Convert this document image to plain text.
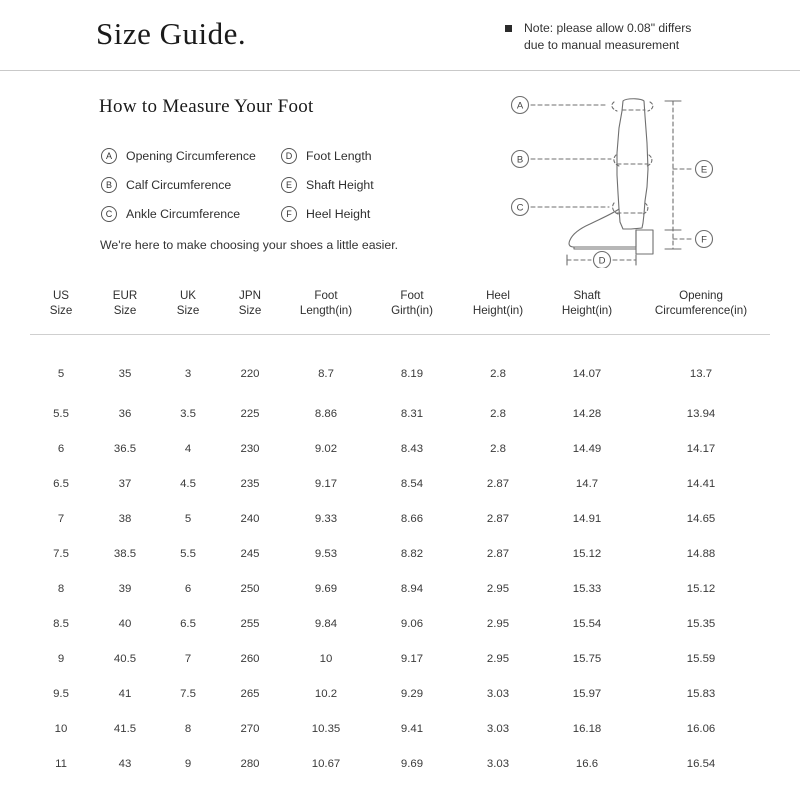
Size Guide.	Note: please allow 0.08" differs
due to manual measurement
How to Measure Your Foot
A	Opening Circumference
B	Calf Circumference
C	Ankle Circumference
D	Foot Length
E	Shaft Height
F	Heel Height
We're here to make choosing your shoes a little easier.
A
B
C
D
E
F
US
Size

EUR
Size

UK
Size

JPN
Size

Foot
Length(in)

Foot
Girth(in)

Heel
Height(in)

Shaft
Height(in)

Opening
Circumference(in)

5	35	3	220	8.7	8.19	2.8	14.07	13.7
5.5	36	3.5	225	8.86	8.31	2.8	14.28	13.94
6	36.5	4	230	9.02	8.43	2.8	14.49	14.17
6.5	37	4.5	235	9.17	8.54	2.87	14.7	14.41
7	38	5	240	9.33	8.66	2.87	14.91	14.65
7.5	38.5	5.5	245	9.53	8.82	2.87	15.12	14.88
8	39	6	250	9.69	8.94	2.95	15.33	15.12
8.5	40	6.5	255	9.84	9.06	2.95	15.54	15.35
9	40.5	7	260	10	9.17	2.95	15.75	15.59
9.5	41	7.5	265	10.2	9.29	3.03	15.97	15.83
10	41.5	8	270	10.35	9.41	3.03	16.18	16.06
11	43	9	280	10.67	9.69	3.03	16.6	16.54
